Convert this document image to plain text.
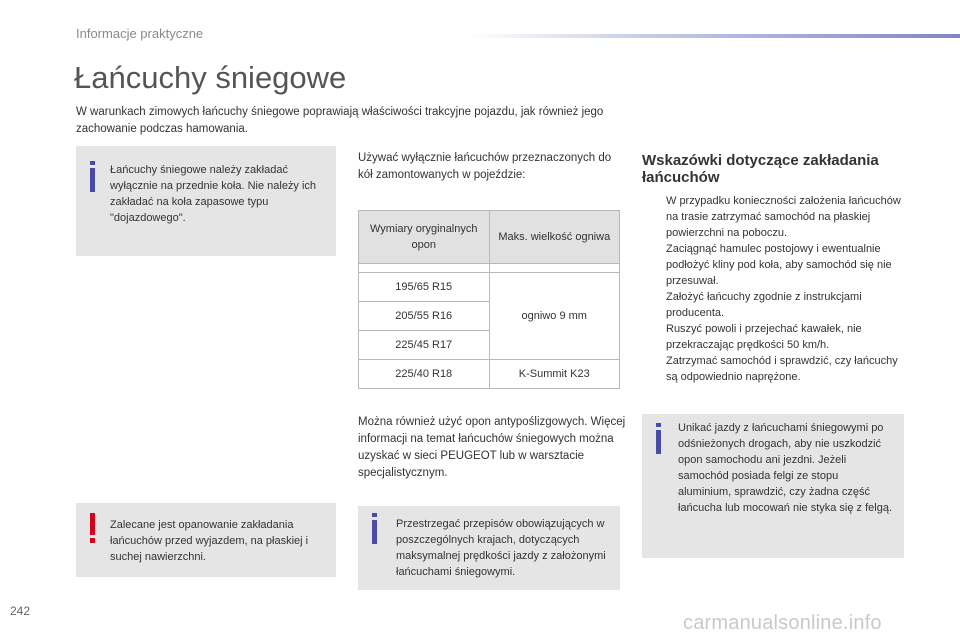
Informacje praktyczne
Łańcuchy śniegowe

W warunkach zimowych łańcuchy śniegowe poprawiają właściwości trakcyjne pojazdu, jak również jego zachowanie podczas hamowania.

Łańcuchy śniegowe należy zakładać wyłącznie na przednie koła. Nie należy ich zakładać na koła zapasowe typu "dojazdowego".

Zalecane jest opanowanie zakładania łańcuchów przed wyjazdem, na płaskiej i suchej nawierzchni.

Używać wyłącznie łańcuchów przeznaczonych do kół zamontowanych w pojeździe:

Wymiary oryginalnych opon	Maks. wielkość ogniwa

195/65 R15	ogniwo 9 mm
205/55 R16	
225/45 R17	
225/40 R18	K-Summit K23

Można również użyć opon antypoślizgowych. Więcej informacji na temat łańcuchów śniegowych można uzyskać w sieci PEUGEOT lub w warsztacie specjalistycznym.

Przestrzegać przepisów obowiązujących w poszczególnych krajach, dotyczących maksymalnej prędkości jazdy z założonymi łańcuchami śniegowymi.

Wskazówki dotyczące zakładania łańcuchów
W przypadku konieczności założenia łańcuchów na trasie zatrzymać samochód na płaskiej powierzchni na poboczu.
Zaciągnąć hamulec postojowy i ewentualnie podłożyć kliny pod koła, aby samochód się nie przesuwał.
Założyć łańcuchy zgodnie z instrukcjami producenta.
Ruszyć powoli i przejechać kawałek, nie przekraczając prędkości 50 km/h.
Zatrzymać samochód i sprawdzić, czy łańcuchy są odpowiednio naprężone.

Unikać jazdy z łańcuchami śniegowymi po odśnieżonych drogach, aby nie uszkodzić opon samochodu ani jezdni. Jeżeli samochód posiada felgi ze stopu aluminium, sprawdzić, czy żadna część łańcucha lub mocowań nie styka się z felgą.

242
carmanualsonline.info
